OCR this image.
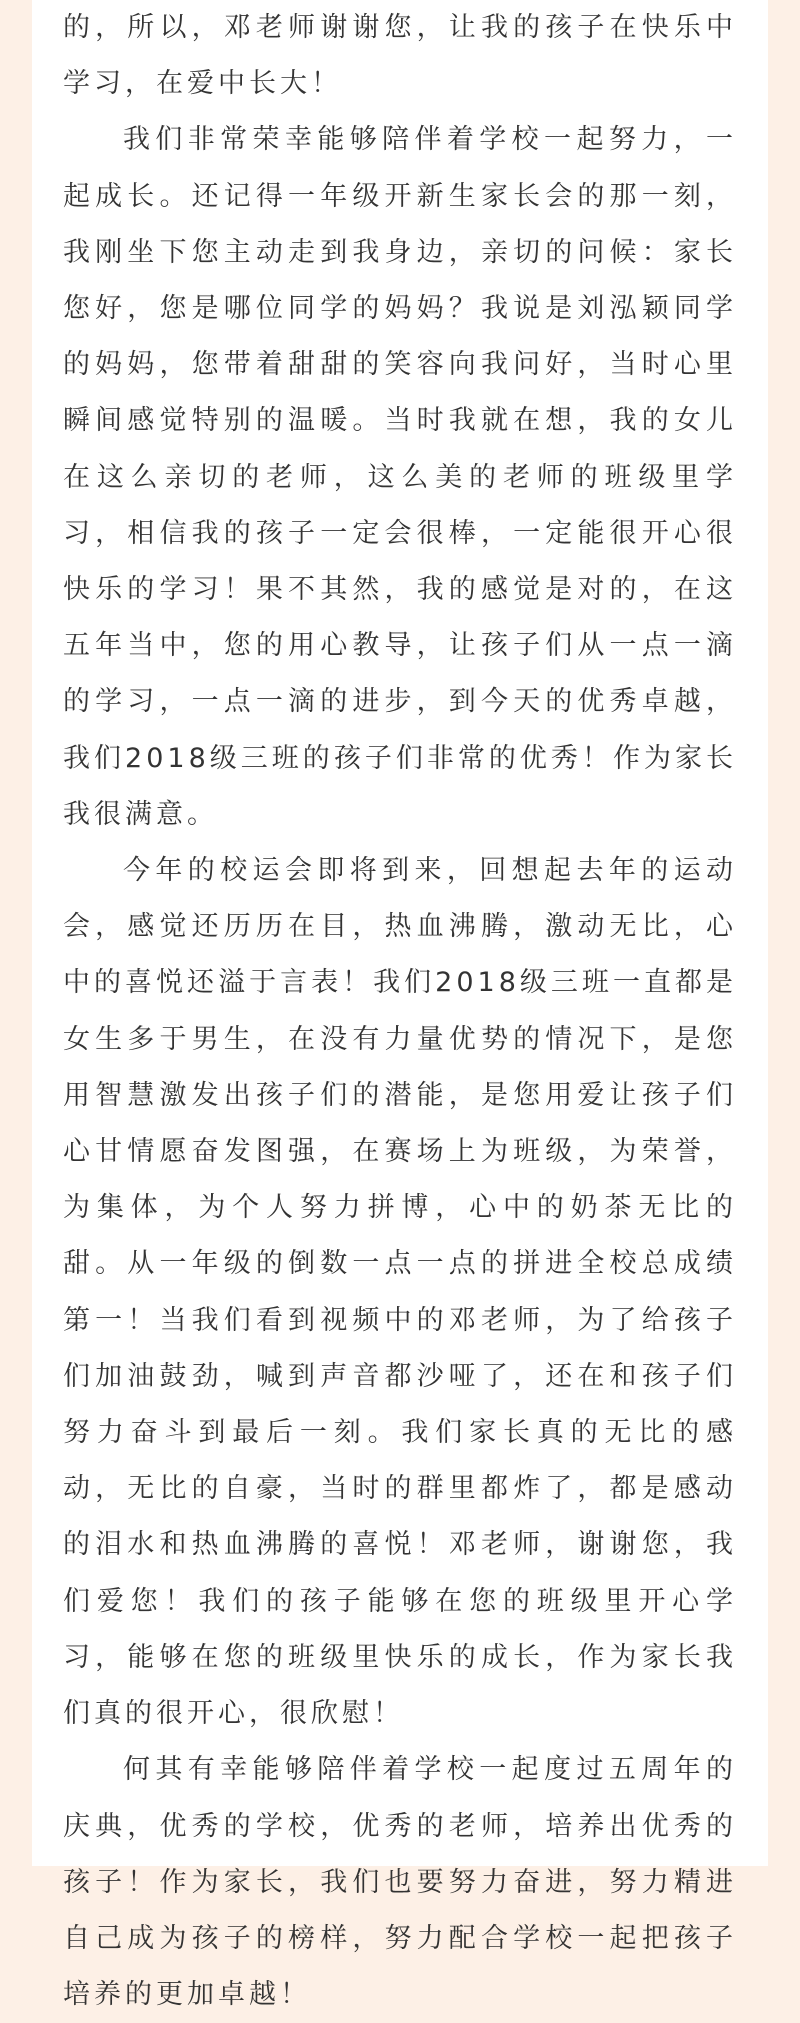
的，所以，邓老师谢谢您，让我的孩子在快乐中学习，在爱中长大！

我们非常荣幸能够陪伴着学校一起努力，一起成长。还记得一年级开新生家长会的那一刻，我刚坐下您主动走到我身边，亲切的问候：家长您好，您是哪位同学的妈妈？我说是刘泓颖同学的妈妈，您带着甜甜的笑容向我问好，当时心里瞬间感觉特别的温暖。当时我就在想，我的女儿在这么亲切的老师，这么美的老师的班级里学习，相信我的孩子一定会很棒，一定能很开心很快乐的学习！果不其然，我的感觉是对的，在这五年当中，您的用心教导，让孩子们从一点一滴的学习，一点一滴的进步，到今天的优秀卓越，我们2018级三班的孩子们非常的优秀！作为家长我很满意。

今年的校运会即将到来，回想起去年的运动会，感觉还历历在目，热血沸腾，激动无比，心中的喜悦还溢于言表！我们2018级三班一直都是女生多于男生，在没有力量优势的情况下，是您用智慧激发出孩子们的潜能，是您用爱让孩子们心甘情愿奋发图强，在赛场上为班级，为荣誉，为集体，为个人努力拼博，心中的奶茶无比的甜。从一年级的倒数一点一点的拼进全校总成绩第一！当我们看到视频中的邓老师，为了给孩子们加油鼓劲，喊到声音都沙哑了，还在和孩子们努力奋斗到最后一刻。我们家长真的无比的感动，无比的自豪，当时的群里都炸了，都是感动的泪水和热血沸腾的喜悦！邓老师，谢谢您，我们爱您！我们的孩子能够在您的班级里开心学习，能够在您的班级里快乐的成长，作为家长我们真的很开心，很欣慰！

何其有幸能够陪伴着学校一起度过五周年的庆典，优秀的学校，优秀的老师，培养出优秀的孩子！作为家长，我们也要努力奋进，努力精进自己成为孩子的榜样，努力配合学校一起把孩子培养的更加卓越！
